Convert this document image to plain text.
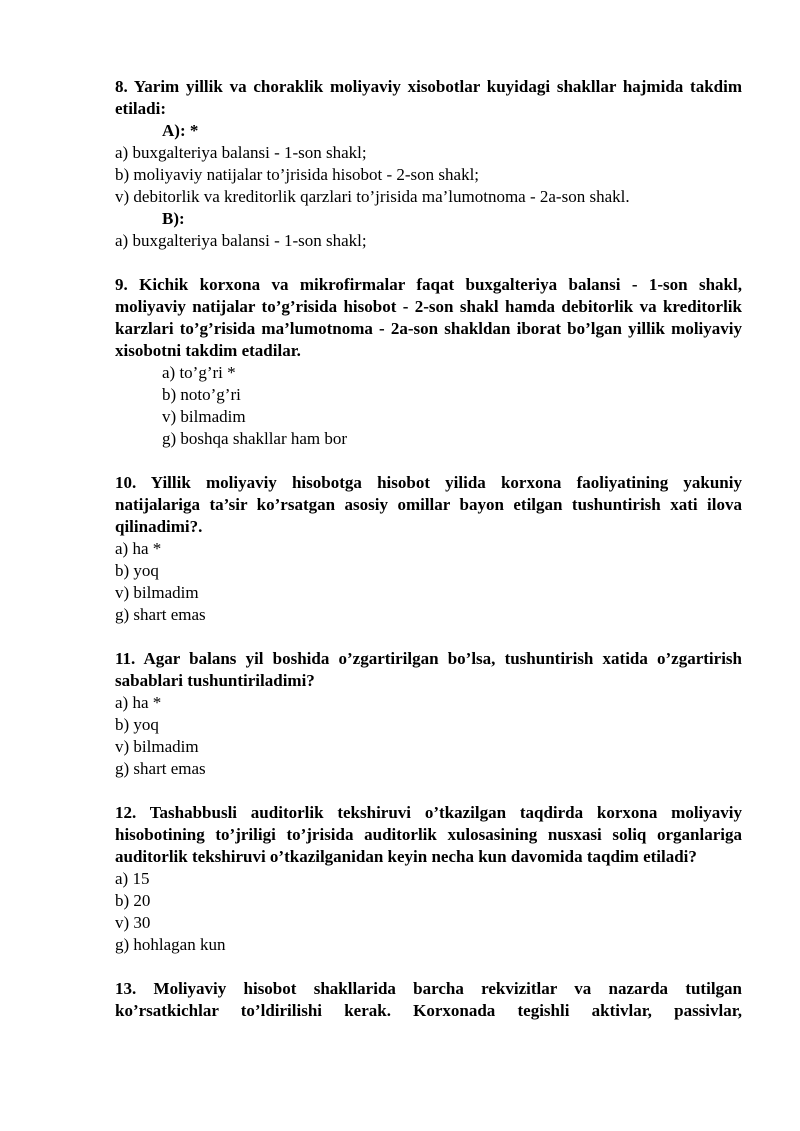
8. Yarim yillik va choraklik moliyaviy xisobotlar kuyidagi shakllar hajmida takdim etiladi:

A): *

a) buxgalteriya balansi - 1-son shakl;

b) moliyaviy natijalar to’jrisida hisobot - 2-son shakl;

v) debitorlik va kreditorlik qarzlari to’jrisida ma’lumotnoma - 2a-son shakl.

B):

a) buxgalteriya balansi - 1-son shakl;

9. Kichik korxona va mikrofirmalar faqat buxgalteriya balansi - 1-son shakl, moliyaviy natijalar to’g’risida hisobot - 2-son shakl hamda debitorlik va kreditorlik karzlari to’g’risida ma’lumotnoma - 2a-son shakldan iborat bo’lgan yillik moliyaviy xisobotni takdim etadilar.

a) to’g’ri *

b) noto’g’ri

v) bilmadim

g) boshqa shakllar ham bor

10. Yillik moliyaviy hisobotga hisobot yilida korxona faoliyatining yakuniy natijalariga ta’sir ko’rsatgan asosiy omillar bayon etilgan tushuntirish xati ilova qilinadimi?.

a) ha *

b) yoq

v) bilmadim

g) shart emas

11. Agar balans yil boshida o’zgartirilgan bo’lsa, tushuntirish xatida o’zgartirish sabablari tushuntiriladimi?

a) ha *

b) yoq

v) bilmadim

g) shart emas

12. Tashabbusli auditorlik tekshiruvi o’tkazilgan taqdirda korxona moliyaviy hisobotining to’jriligi to’jrisida auditorlik xulosasining nusxasi soliq organlariga auditorlik tekshiruvi o’tkazilganidan keyin necha kun davomida taqdim etiladi?

a) 15

b) 20

v) 30

g) hohlagan kun

13. Moliyaviy hisobot shakllarida barcha rekvizitlar va nazarda tutilgan ko’rsatkichlar to’ldirilishi kerak. Korxonada tegishli aktivlar, passivlar,
